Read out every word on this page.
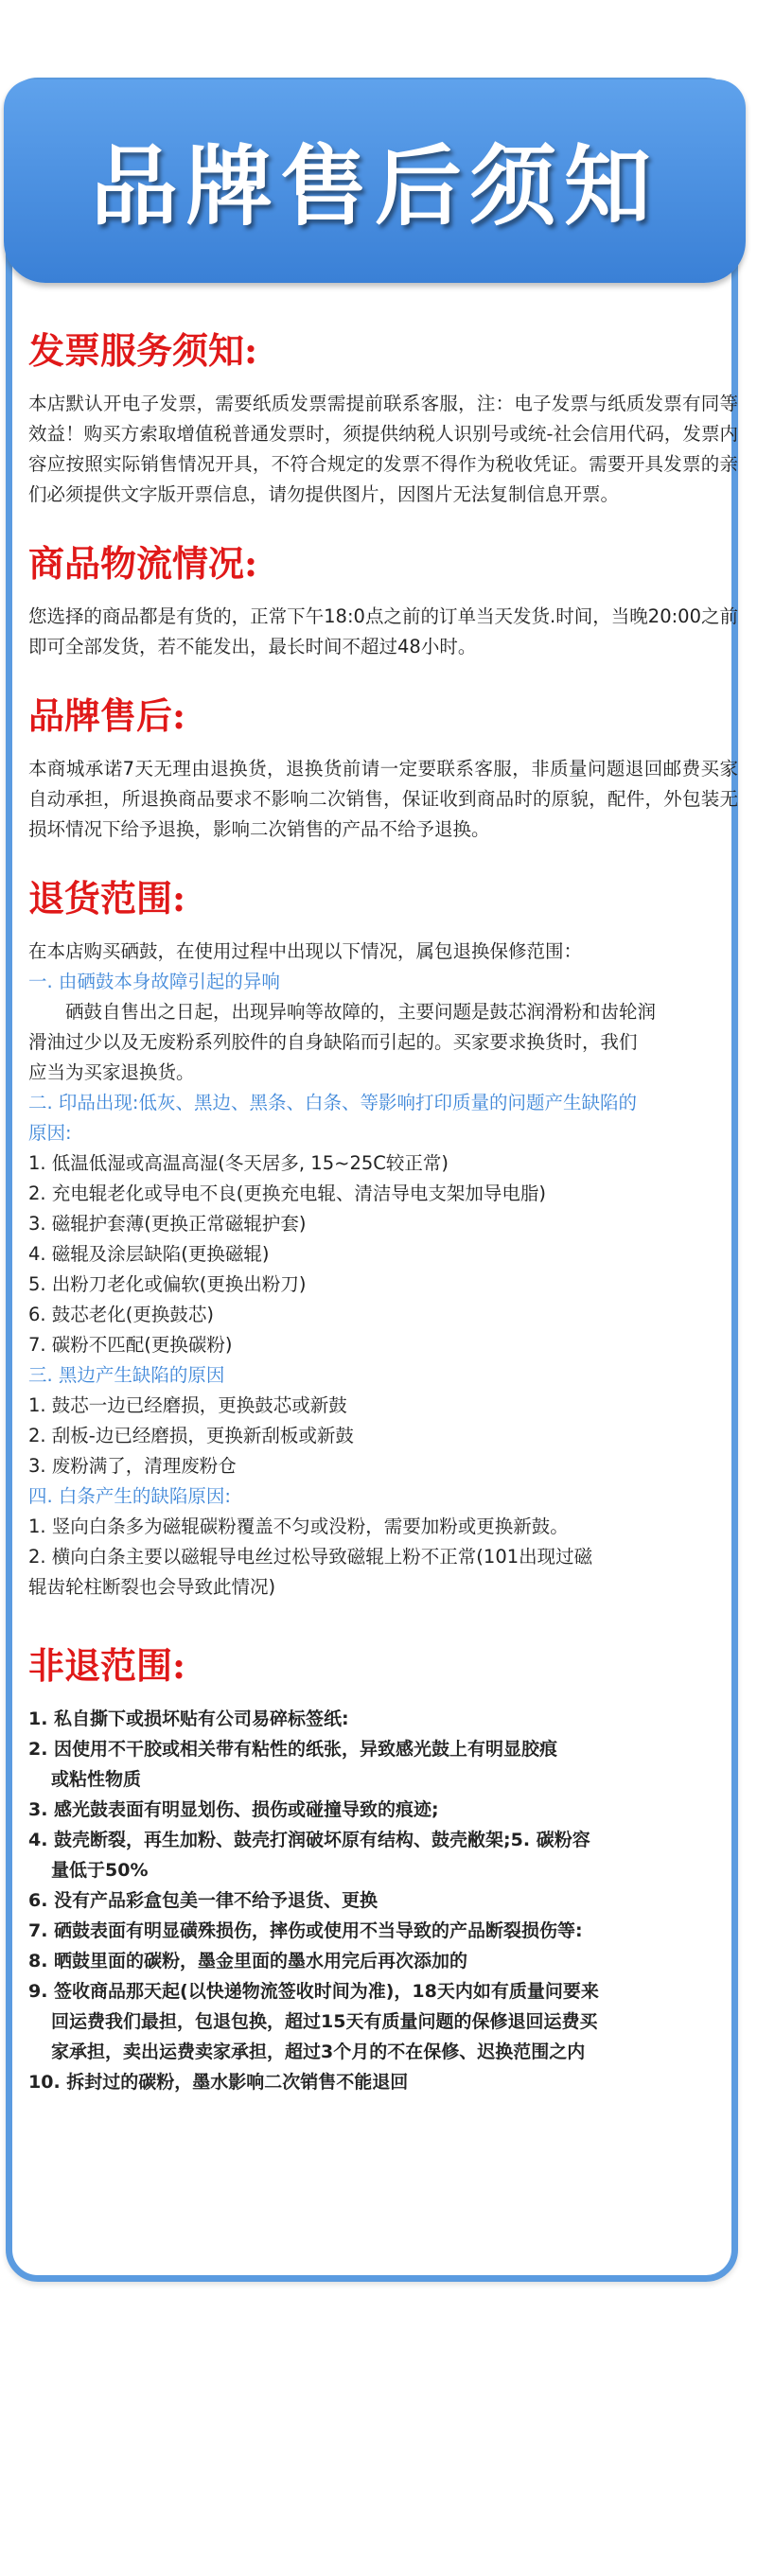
品牌售后须知
发票服务须知:
本店默认开电子发票，需要纸质发票需提前联系客服，注：电子发票与纸质发票有同等效益！购买方索取增值税普通发票时，须提供纳税人识别号或统-社会信用代码，发票内容应按照实际销售情况开具，不符合规定的发票不得作为税收凭证。需要开具发票的亲们必须提供文字版开票信息，请勿提供图片，因图片无法复制信息开票。
商品物流情况:
您选择的商品都是有货的，正常下午18:0点之前的订单当天发货.时间，当晚20:00之前即可全部发货，若不能发出，最长时间不超过48小时。
品牌售后:
本商城承诺7天无理由退换货，退换货前请一定要联系客服，非质量问题退回邮费买家自动承担，所退换商品要求不影响二次销售，保证收到商品时的原貌，配件，外包装无损坏情况下给予退换，影响二次销售的产品不给予退换。
退货范围:
在本店购买硒鼓，在使用过程中出现以下情况，属包退换保修范围：
一. 由硒鼓本身故障引起的异响
硒鼓自售出之日起，出现异响等故障的，主要问题是鼓芯润滑粉和齿轮润
滑油过少以及无废粉系列胶件的自身缺陷而引起的。买家要求换货时，我们
应当为买家退换货。
二. 印品出现:低灰、黑边、黑条、白条、等影响打印质量的问题产生缺陷的
原因:
1. 低温低湿或高温高湿(冬天居多, 15~25C较正常)
2. 充电辊老化或导电不良(更换充电辊、清洁导电支架加导电脂)
3. 磁辊护套薄(更换正常磁辊护套)
4. 磁辊及涂层缺陷(更换磁辊)
5. 出粉刀老化或偏软(更换出粉刀)
6. 鼓芯老化(更换鼓芯)
7. 碳粉不匹配(更换碳粉)
三. 黑边产生缺陷的原因
1. 鼓芯一边已经磨损，更换鼓芯或新鼓
2. 刮板-边已经磨损，更换新刮板或新鼓
3. 废粉满了，清理废粉仓
四. 白条产生的缺陷原因:
1. 竖向白条多为磁辊碳粉覆盖不匀或没粉，需要加粉或更换新鼓。
2. 横向白条主要以磁辊导电丝过松导致磁辊上粉不正常(101出现过磁
辊齿轮柱断裂也会导致此情况)
非退范围:
1. 私自撕下或损坏贴有公司易碎标签纸:
2. 因使用不干胶或相关带有粘性的纸张，异致感光鼓上有明显胶痕
或粘性物质
3. 感光鼓表面有明显划伤、损伤或碰撞导致的痕迹;
4. 鼓壳断裂，再生加粉、鼓壳打润破坏原有结构、鼓壳敝架;5. 碳粉容
量低于50%
6. 没有产品彩盒包美一律不给予退货、更换
7. 硒鼓表面有明显磺殊损伤，摔伤或使用不当导致的产品断裂损伤等:
8. 晒鼓里面的碳粉，墨金里面的墨水用完后再次添加的
9. 签收商品那天起(以快递物流签收时间为准)，18天内如有质量问要来
回运费我们最担，包退包换，超过15天有质量问题的保修退回运费买
家承担，卖出运费卖家承担，超过3个月的不在保修、迟换范围之内
10. 拆封过的碳粉，墨水影响二次销售不能退回
